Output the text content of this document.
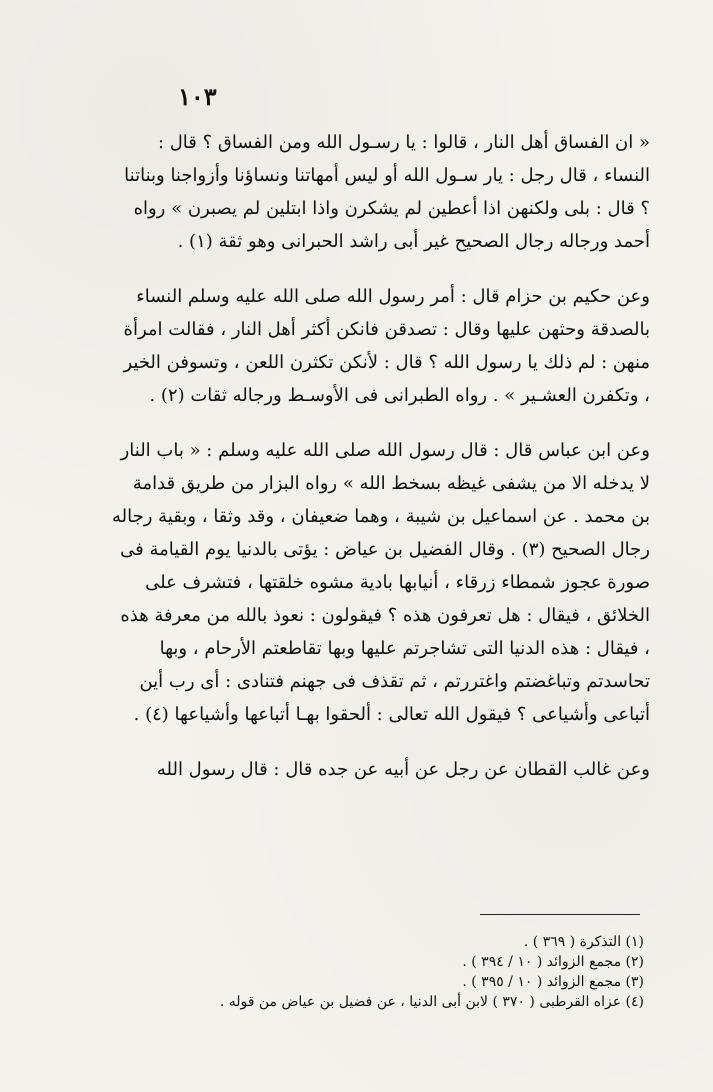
١٠٣

« ان الفساق أهل النار ، قالوا : يا رسـول الله ومن الفساق ؟ قال : النساء ، قال رجل : يار سـول الله أو ليس أمهاتنا ونساؤنا وأزواجنا وبناتنا ؟ قال : بلى ولكنهن اذا أعطين لم يشكرن واذا ابتلين لم يصبرن » رواه أحمد ورجاله رجال الصحيح غير أبى راشد الحبرانى وهو ثقة (١) .

وعن حكيم بن حزام قال : أمر رسول الله صلى الله عليه وسلم النساء بالصدقة وحثهن عليها وقال : تصدقن فانكن أكثر أهل النار ، فقالت امرأة منهن : لم ذلك يا رسول الله ؟ قال : لأنكن تكثرن اللعن ، وتسوفن الخير ، وتكفرن العشـير » . رواه الطبرانى فى الأوسـط ورجاله ثقات (٢) .

وعن ابن عباس قال : قال رسول الله صلى الله عليه وسلم : « باب النار لا يدخله الا من يشفى غيظه بسخط الله » رواه البزار من طريق قدامة بن محمد . عن اسماعيل بن شيبة ، وهما ضعيفان ، وقد وثقا ، وبقية رجاله رجال الصحيح (٣) . وقال الفضيل بن عياض : يؤتى بالدنيا يوم القيامة فى صورة عجوز شمطاء زرقاء ، أنيابها بادية مشوه خلقتها ، فتشرف على الخلائق ، فيقال : هل تعرفون هذه ؟ فيقولون : نعوذ بالله من معرفة هذه ، فيقال : هذه الدنيا التى تشاجرتم عليها وبها تقاطعتم الأرحام ، وبها تحاسدتم وتباغضتم واغتررتم ، ثم تقذف فى جهنم فتنادى : أى رب أين أتباعى وأشياعى ؟ فيقول الله تعالى : ألحقوا بهـا أتباعها وأشياعها (٤) .

وعن غالب القطان عن رجل عن أبيه عن جده قال : قال رسول الله

(١) التذكرة ( ٣٦٩ ) .

(٢) مجمع الزوائد ( ١٠ / ٣٩٤ ) .

(٣) مجمع الزوائد ( ١٠ / ٣٩٥ ) .

(٤) عزاه القرطبى ( ٣٧٠ ) لابن أبى الدنيا ، عن فضيل بن عياض من قوله .
